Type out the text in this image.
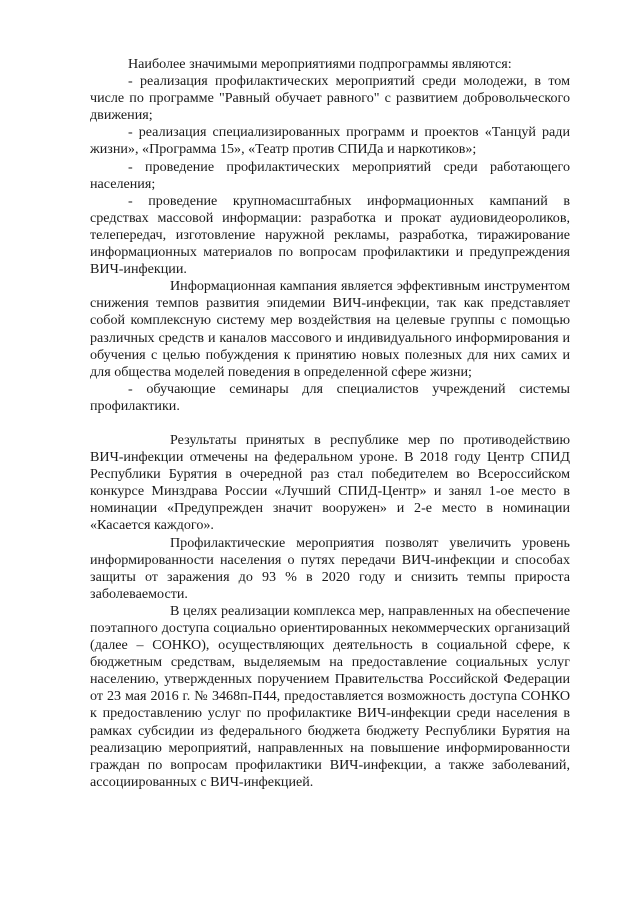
Наиболее значимыми мероприятиями подпрограммы являются:

- реализация профилактических мероприятий среди молодежи, в том числе по программе "Равный обучает равного" с развитием добровольческого движения;

- реализация специализированных программ и проектов «Танцуй ради жизни», «Программа 15», «Театр против СПИДа и наркотиков»;

- проведение профилактических мероприятий среди работающего населения;

- проведение крупномасштабных информационных кампаний в средствах массовой информации: разработка и прокат аудиовидеороликов, телепередач, изготовление наружной рекламы, разработка, тиражирование информационных материалов по вопросам профилактики и предупреждения ВИЧ-инфекции.

Информационная кампания является эффективным инструментом снижения темпов развития эпидемии ВИЧ-инфекции, так как представляет собой комплексную систему мер воздействия на целевые группы с помощью различных средств и каналов массового и индивидуального информирования и обучения с целью побуждения к принятию новых полезных для них самих и для общества моделей поведения в определенной сфере жизни;

- обучающие семинары для специалистов учреждений системы профилактики.

Результаты принятых в республике мер по противодействию ВИЧ-инфекции отмечены на федеральном уроне. В 2018 году Центр СПИД Республики Бурятия в очередной раз стал победителем во Всероссийском конкурсе Минздрава России «Лучший СПИД-Центр» и занял 1-ое место в номинации «Предупрежден значит вооружен» и 2-е место в номинации «Касается каждого».

Профилактические мероприятия позволят увеличить уровень информированности населения о путях передачи ВИЧ-инфекции и способах защиты от заражения до 93 % в 2020 году и снизить темпы прироста заболеваемости.

В целях реализации комплекса мер, направленных на обеспечение поэтапного доступа социально ориентированных некоммерческих организаций (далее – СОНКО), осуществляющих деятельность в социальной сфере, к бюджетным средствам, выделяемым на предоставление социальных услуг населению, утвержденных поручением Правительства Российской Федерации от 23 мая 2016 г. № 3468п-П44, предоставляется возможность доступа СОНКО к предоставлению услуг по профилактике ВИЧ-инфекции среди населения в рамках субсидии из федерального бюджета бюджету Республики Бурятия на реализацию мероприятий, направленных на повышение информированности граждан по вопросам профилактики ВИЧ-инфекции, а также заболеваний, ассоциированных с ВИЧ-инфекцией.
